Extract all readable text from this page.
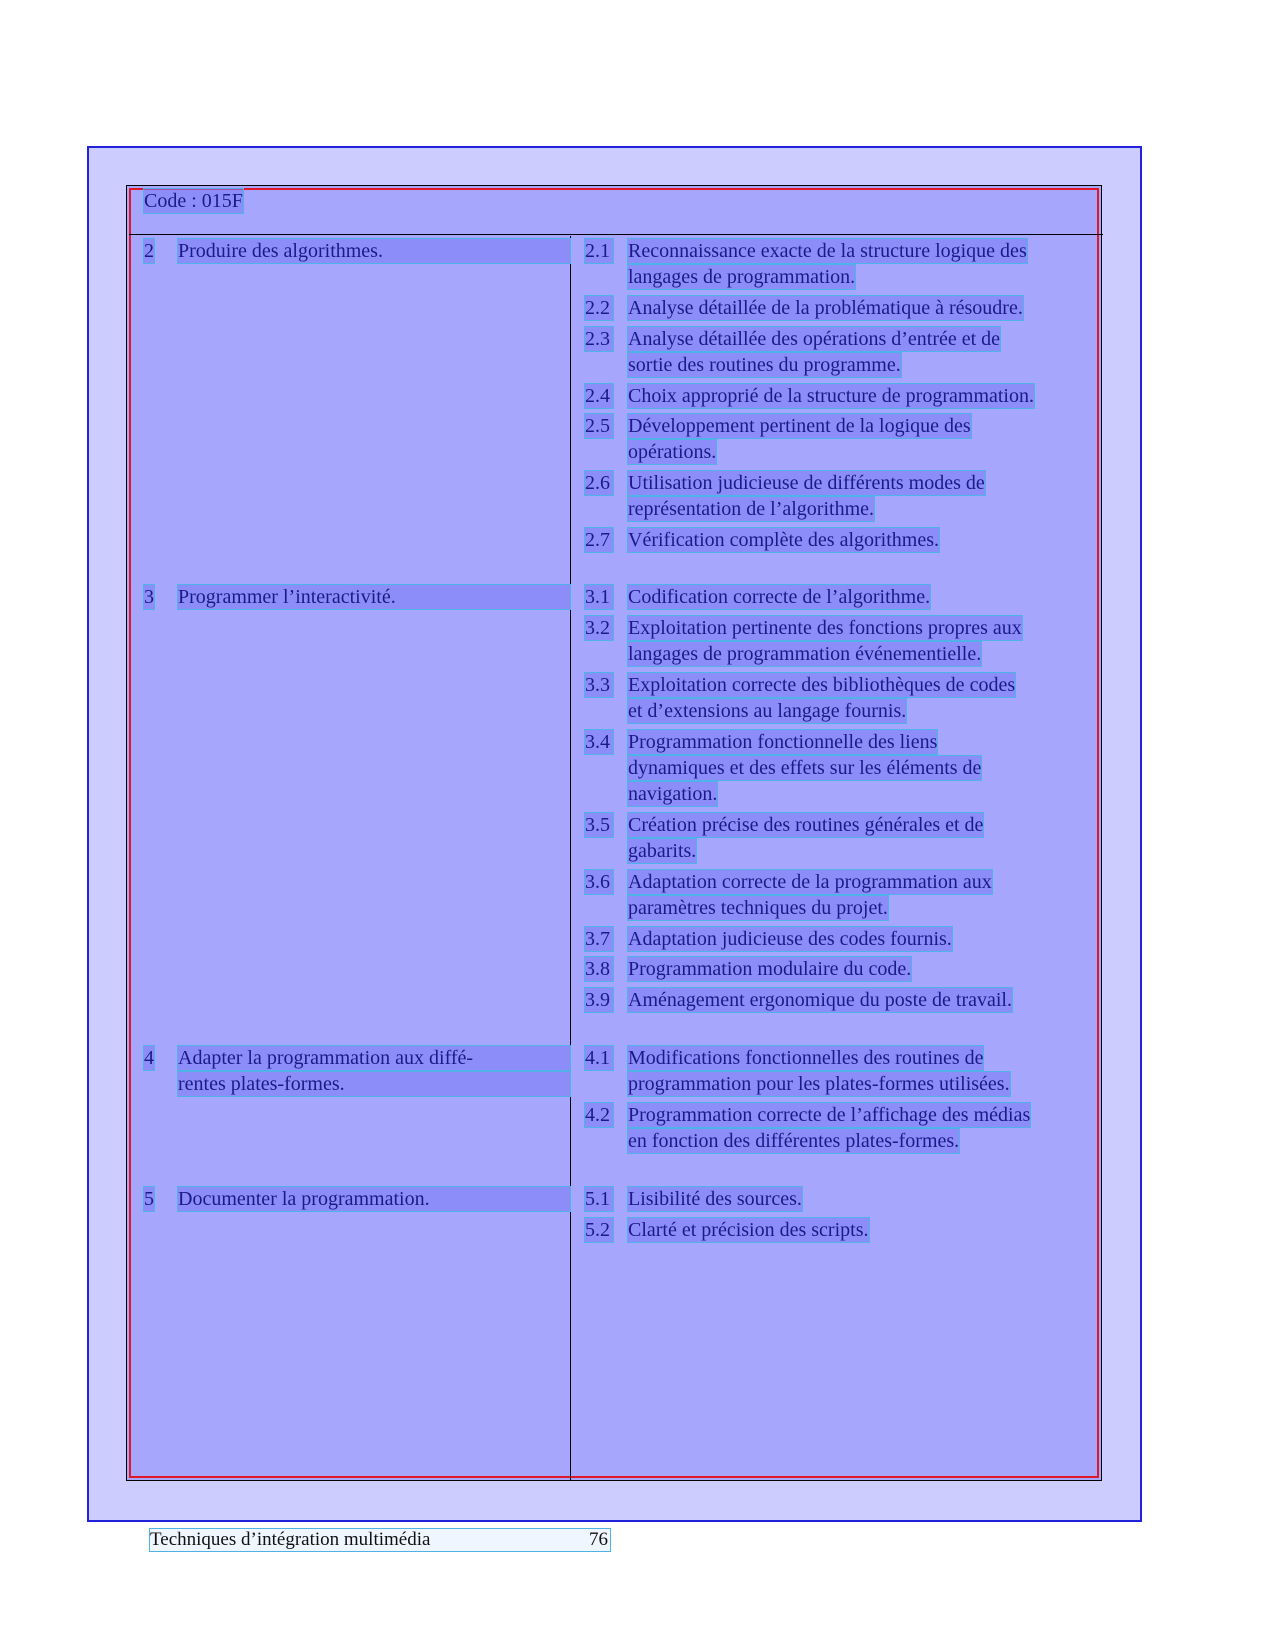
Code : 015F
2 Produire des algorithmes.
3 Programmer l’interactivité.
4 Adapter la programmation aux diffé-
rentes plates-formes.
5 Documenter la programmation.
2.1 Reconnaissance exacte de la structure logique des
langages de programmation.
2.2 Analyse détaillée de la problématique à résoudre.
2.3 Analyse détaillée des opérations d’entrée et de
sortie des routines du programme.
2.4 Choix approprié de la structure de programmation.
2.5 Développement pertinent de la logique des
opérations.
2.6 Utilisation judicieuse de différents modes de
représentation de l’algorithme.
2.7 Vérification complète des algorithmes.
3.1 Codification correcte de l’algorithme.
3.2 Exploitation pertinente des fonctions propres aux
langages de programmation événementielle.
3.3 Exploitation correcte des bibliothèques de codes
et d’extensions au langage fournis.
3.4 Programmation fonctionnelle des liens
dynamiques et des effets sur les éléments de
navigation.
3.5 Création précise des routines générales et de
gabarits.
3.6 Adaptation correcte de la programmation aux
paramètres techniques du projet.
3.7 Adaptation judicieuse des codes fournis.
3.8 Programmation modulaire du code.
3.9 Aménagement ergonomique du poste de travail.
4.1 Modifications fonctionnelles des routines de
programmation pour les plates-formes utilisées.
4.2 Programmation correcte de l’affichage des médias
en fonction des différentes plates-formes.
5.1 Lisibilité des sources.
5.2 Clarté et précision des scripts.
Techniques d’intégration multimédia	76
